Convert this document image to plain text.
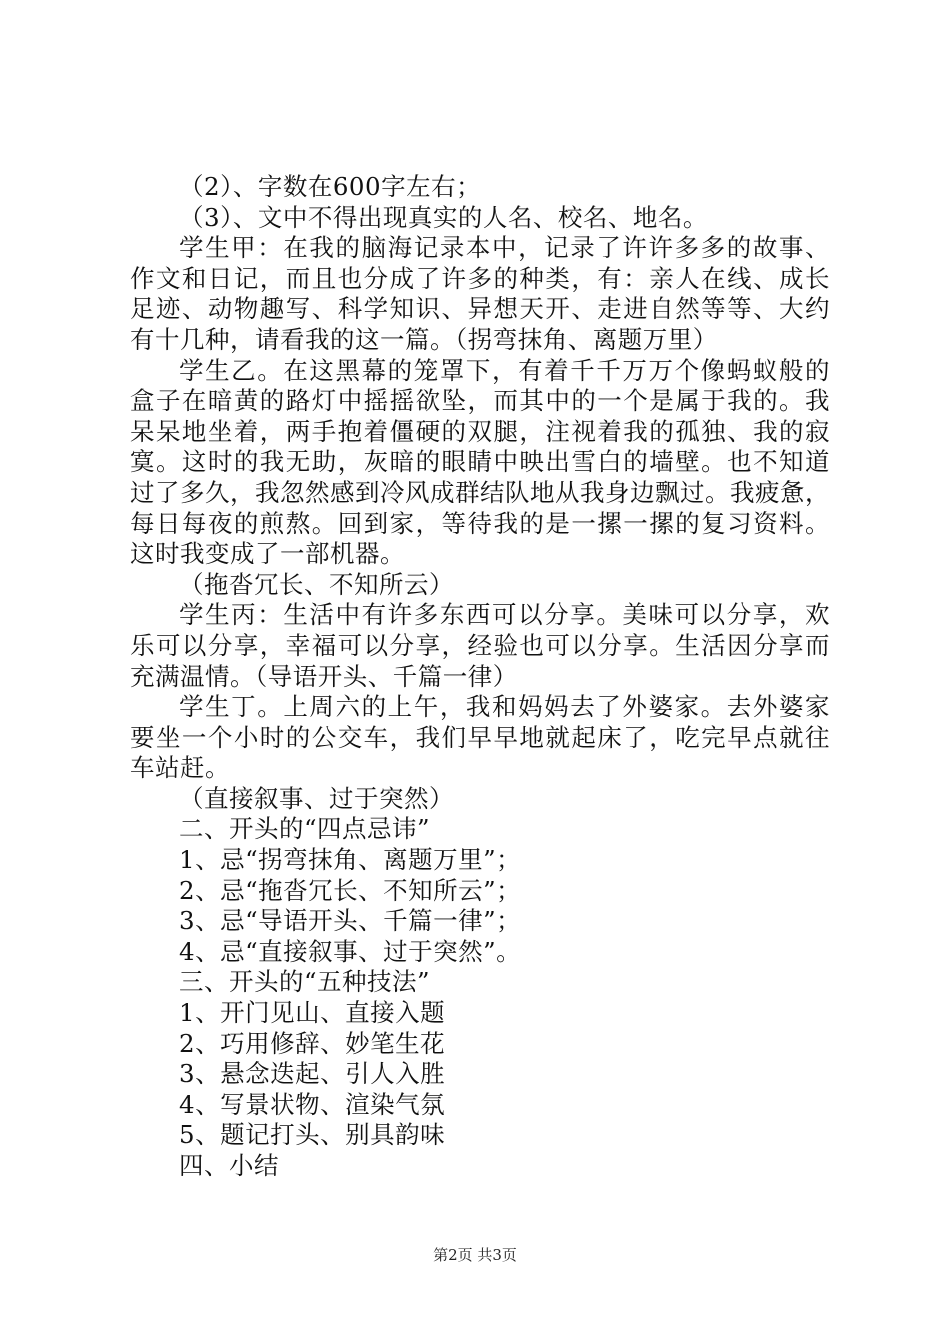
（2）、字数在600字左右；
（3）、文中不得出现真实的人名、校名、地名。
学生甲：在我的脑海记录本中，记录了许许多多的故事、
作文和日记，而且也分成了许多的种类，有：亲人在线、成长
足迹、动物趣写、科学知识、异想天开、走进自然等等、大约
有十几种，请看我的这一篇。（拐弯抹角、离题万里）
学生乙。在这黑幕的笼罩下，有着千千万万个像蚂蚁般的
盒子在暗黄的路灯中摇摇欲坠，而其中的一个是属于我的。我
呆呆地坐着，两手抱着僵硬的双腿，注视着我的孤独、我的寂
寞。这时的我无助，灰暗的眼睛中映出雪白的墙壁。也不知道
过了多久，我忽然感到冷风成群结队地从我身边飘过。我疲惫，
每日每夜的煎熬。回到家，等待我的是一摞一摞的复习资料。
这时我变成了一部机器。
（拖沓冗长、不知所云）
学生丙：生活中有许多东西可以分享。美味可以分享，欢
乐可以分享，幸福可以分享，经验也可以分享。生活因分享而
充满温情。（导语开头、千篇一律）
学生丁。上周六的上午，我和妈妈去了外婆家。去外婆家
要坐一个小时的公交车，我们早早地就起床了，吃完早点就往
车站赶。
（直接叙事、过于突然）
二、开头的“四点忌讳”
1、忌“拐弯抹角、离题万里”；
2、忌“拖沓冗长、不知所云”；
3、忌“导语开头、千篇一律”；
4、忌“直接叙事、过于突然”。
三、开头的“五种技法”
1、开门见山、直接入题
2、巧用修辞、妙笔生花
3、悬念迭起、引人入胜
4、写景状物、渲染气氛
5、题记打头、别具韵味
四、小结
第2页 共3页
